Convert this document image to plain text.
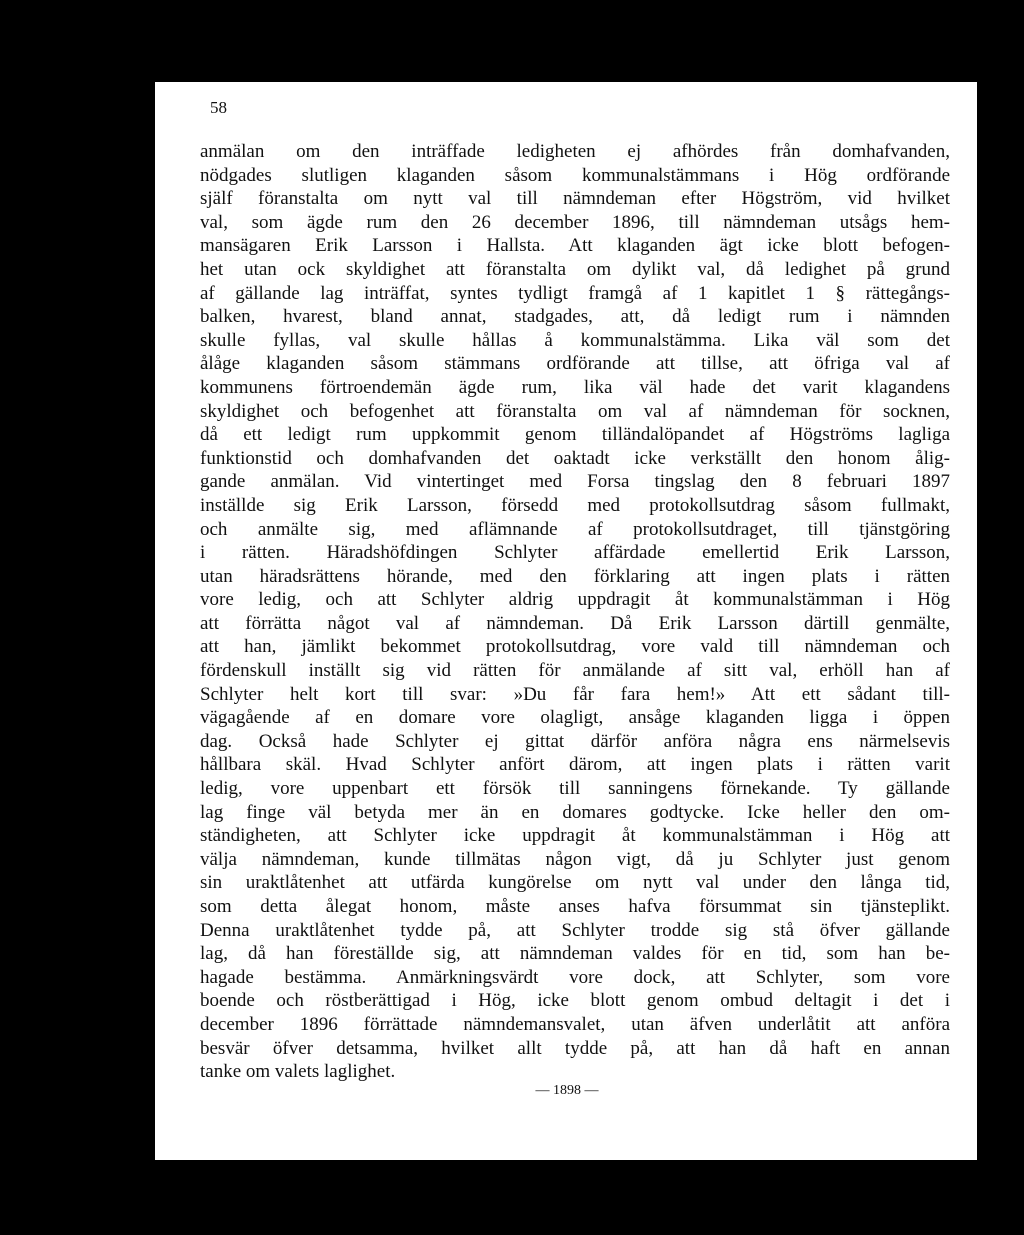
58
anmälan om den inträffade ledigheten ej afhördes från domhafvanden,
nödgades slutligen klaganden såsom kommunalstämmans i Hög ordförande
själf föranstalta om nytt val till nämndeman efter Högström, vid hvilket
val, som ägde rum den 26 december 1896, till nämndeman utsågs hem-
mansägaren Erik Larsson i Hallsta. Att klaganden ägt icke blott befogen-
het utan ock skyldighet att föranstalta om dylikt val, då ledighet på grund
af gällande lag inträffat, syntes tydligt framgå af 1 kapitlet 1 § rättegångs-
balken, hvarest, bland annat, stadgades, att, då ledigt rum i nämnden
skulle fyllas, val skulle hållas å kommunalstämma. Lika väl som det
ålåge klaganden såsom stämmans ordförande att tillse, att öfriga val af
kommunens förtroendemän ägde rum, lika väl hade det varit klagandens
skyldighet och befogenhet att föranstalta om val af nämndeman för socknen,
då ett ledigt rum uppkommit genom tilländalöpandet af Högströms lagliga
funktionstid och domhafvanden det oaktadt icke verkställt den honom ålig-
gande anmälan. Vid vintertinget med Forsa tingslag den 8 februari 1897
inställde sig Erik Larsson, försedd med protokollsutdrag såsom fullmakt,
och anmälte sig, med aflämnande af protokollsutdraget, till tjänstgöring
i rätten. Häradshöfdingen Schlyter affärdade emellertid Erik Larsson,
utan häradsrättens hörande, med den förklaring att ingen plats i rätten
vore ledig, och att Schlyter aldrig uppdragit åt kommunalstämman i Hög
att förrätta något val af nämndeman. Då Erik Larsson därtill genmälte,
att han, jämlikt bekommet protokollsutdrag, vore vald till nämndeman och
fördenskull inställt sig vid rätten för anmälande af sitt val, erhöll han af
Schlyter helt kort till svar: »Du får fara hem!» Att ett sådant till-
vägagående af en domare vore olagligt, ansåge klaganden ligga i öppen
dag. Också hade Schlyter ej gittat därför anföra några ens närmelsevis
hållbara skäl. Hvad Schlyter anfört därom, att ingen plats i rätten varit
ledig, vore uppenbart ett försök till sanningens förnekande. Ty gällande
lag finge väl betyda mer än en domares godtycke. Icke heller den om-
ständigheten, att Schlyter icke uppdragit åt kommunalstämman i Hög att
välja nämndeman, kunde tillmätas någon vigt, då ju Schlyter just genom
sin uraktlåtenhet att utfärda kungörelse om nytt val under den långa tid,
som detta ålegat honom, måste anses hafva försummat sin tjänsteplikt.
Denna uraktlåtenhet tydde på, att Schlyter trodde sig stå öfver gällande
lag, då han föreställde sig, att nämndeman valdes för en tid, som han be-
hagade bestämma. Anmärkningsvärdt vore dock, att Schlyter, som vore
boende och röstberättigad i Hög, icke blott genom ombud deltagit i det i
december 1896 förrättade nämndemansvalet, utan äfven underlåtit att anföra
besvär öfver detsamma, hvilket allt tydde på, att han då haft en annan
tanke om valets laglighet.
— 1898 —
